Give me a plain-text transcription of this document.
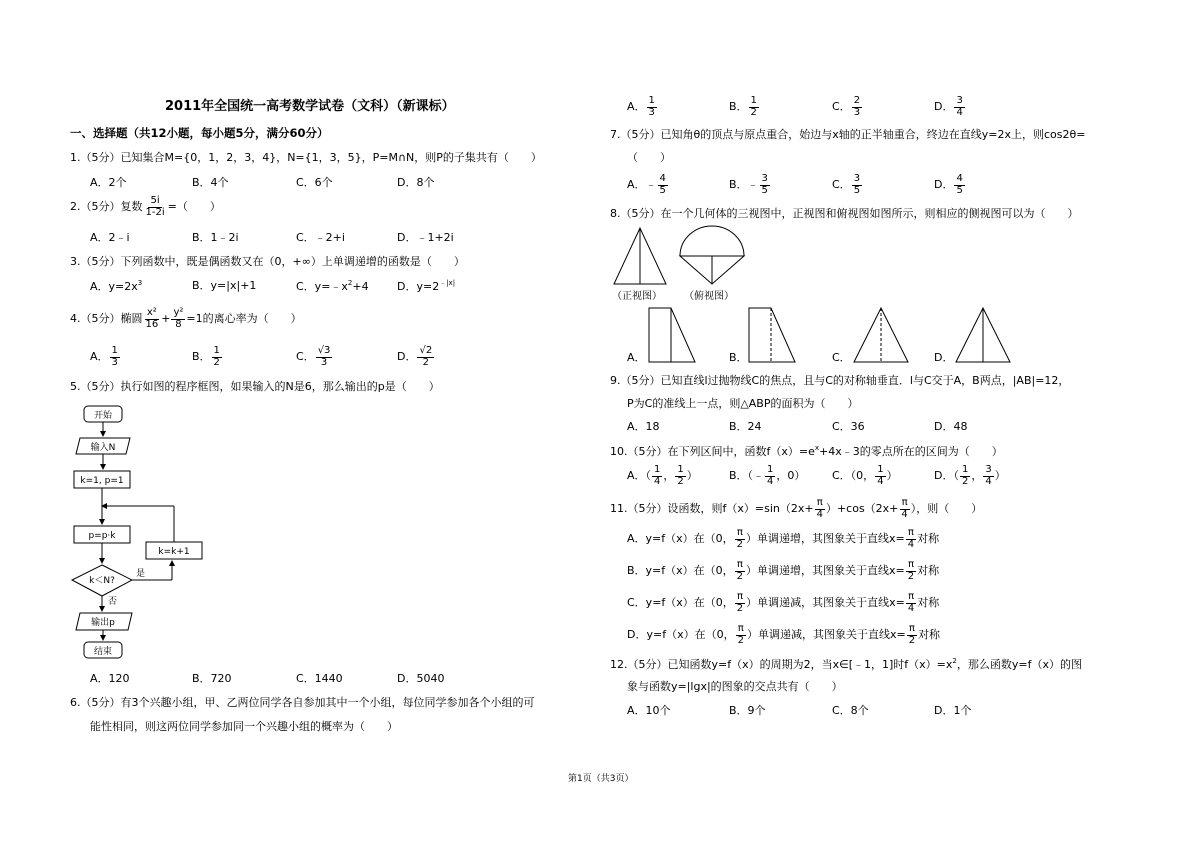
2011年全国统一高考数学试卷（文科）（新课标）
一、选择题（共12小题，每小题5分，满分60分）
1.（5分）已知集合M={0，1，2，3，4}，N={1，3，5}，P=M∩N，则P的子集共有（　　）
A．2个	B．4个	C．6个	D．8个
2.（5分）复数 $\frac{5i}{1-2i}$ =（　　）
A．2﹣i	B．1﹣2i	C．﹣2+i	D．﹣1+2i
3.（5分）下列函数中，既是偶函数又在（0，+∞）上单调递增的函数是（　　）
A．$y=2x^3$	B．y=|x|+1	C．$y=﹣x^2+4$	D．$y=2^{﹣|x|}$
4.（5分）椭圆 $\frac{\text{x²}}{16} + \frac{\text{y²}}{8} =1$的离心率为（　　）
A． $\frac{1}{3}$	B． $\frac{1}{2}$	C． $\frac{√3}{3}$	D． $\frac{√2}{2}$
5.（5分）执行如图的程序框图，如果输入的N是6，那么输出的p是（　　）
开始
输入N
k=1, p=1
p=p·k
k＜N?
是
k=k+1
否
输出p
结束
A．120	B．720	C．1440	D．5040
6.（5分）有3个兴趣小组，甲、乙两位同学各自参加其中一个小组，每位同学参加各个小组的可
能性相同，则这两位同学参加同一个兴趣小组的概率为（　　）
A． $\frac{1}{3}$	B． $\frac{1}{2}$	C． $\frac{2}{3}$	D． $\frac{3}{4}$
7.（5分）已知角θ的顶点与原点重合，始边与x轴的正半轴重合，终边在直线y=2x上，则cos2θ=
（　　）
A．﹣ $\frac{4}{5}$	B．﹣ $\frac{3}{5}$	C． $\frac{3}{5}$	D． $\frac{4}{5}$
8.（5分）在一个几何体的三视图中，正视图和俯视图如图所示，则相应的侧视图可以为（　　）
（正视图） （俯视图）
A．	B．	C．	D．
9.（5分）已知直线l过抛物线C的焦点，且与C的对称轴垂直．l与C交于A，B两点，|AB|=12，
P为C的准线上一点，则△ABP的面积为（　　）
A．18	B．24	C．36	D．48
10.（5分）在下列区间中，函数$f(x)=e^x+4x﹣3$的零点所在的区间为（　　）
A．（ $\frac{1}{4}$ ， $\frac{1}{2}$ ）	B．（﹣ $\frac{1}{4}$ ，0） C．（0， $\frac{1}{4}$ ）	D．（ $\frac{1}{2}$ ， $\frac{3}{4}$ ）
11.（5分）设函数，则$f(x)=\sin(2x+ \frac{\pi}{4} )+\cos(2x+ \frac{\pi}{4}$ ），则（　　）
A．y=f（x）在（0， $\frac{\pi}{2}$ ）单调递增，其图象关于直线$x= \frac{\pi}{4}$ 对称
B．y=f（x）在（0， $\frac{\pi}{2}$ ）单调递增，其图象关于直线$x= \frac{\pi}{2}$ 对称
C．y=f（x）在（0， $\frac{\pi}{2}$ ）单调递减，其图象关于直线$x= \frac{\pi}{4}$ 对称
D．y=f（x）在（0， $\frac{\pi}{2}$ ）单调递减，其图象关于直线$x= \frac{\pi}{2}$ 对称
12.（5分）已知函数y=f（x）的周期为2，当x∈[﹣1，1]时$f(x)=x^2$，那么函数y=f（x）的图
象与函数y=|lgx|的图象的交点共有（　　）
A．10个	B．9个	C．8个	D．1个
第1页（共3页）
